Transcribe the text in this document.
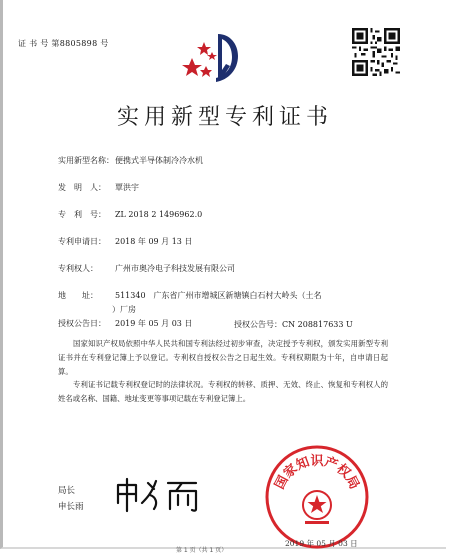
证 书 号 第8805898 号
实用新型专利证书
实用新型名称： 便携式半导体制冷冷水机
发　明　人： 覃洪宇
专　利　号： ZL 2018 2 1496962.0
专利申请日： 2018 年 09 月 13 日
专利权人： 广州市奥冷电子科技发展有限公司
地　　址： 511340　广东省广州市增城区新塘镇白石村大岭头（土名
）厂房
授权公告日： 2019 年 05 月 03 日	授权公告号：CN 208817633 U
国家知识产权局依照中华人民共和国专利法经过初步审查，决定授予专利权，颁发实用新型专利证书并在专利登记簿上予以登记。专利权自授权公告之日起生效。专利权期限为十年，自申请日起算。
专利证书记载专利权登记时的法律状况。专利权的转移、质押、无效、终止、恢复和专利权人的姓名或名称、国籍、地址变更等事项记载在专利登记簿上。
局长
申长雨
国家知识产权局
2019 年 05 月 03 日
第 1 页（共 1 页）
